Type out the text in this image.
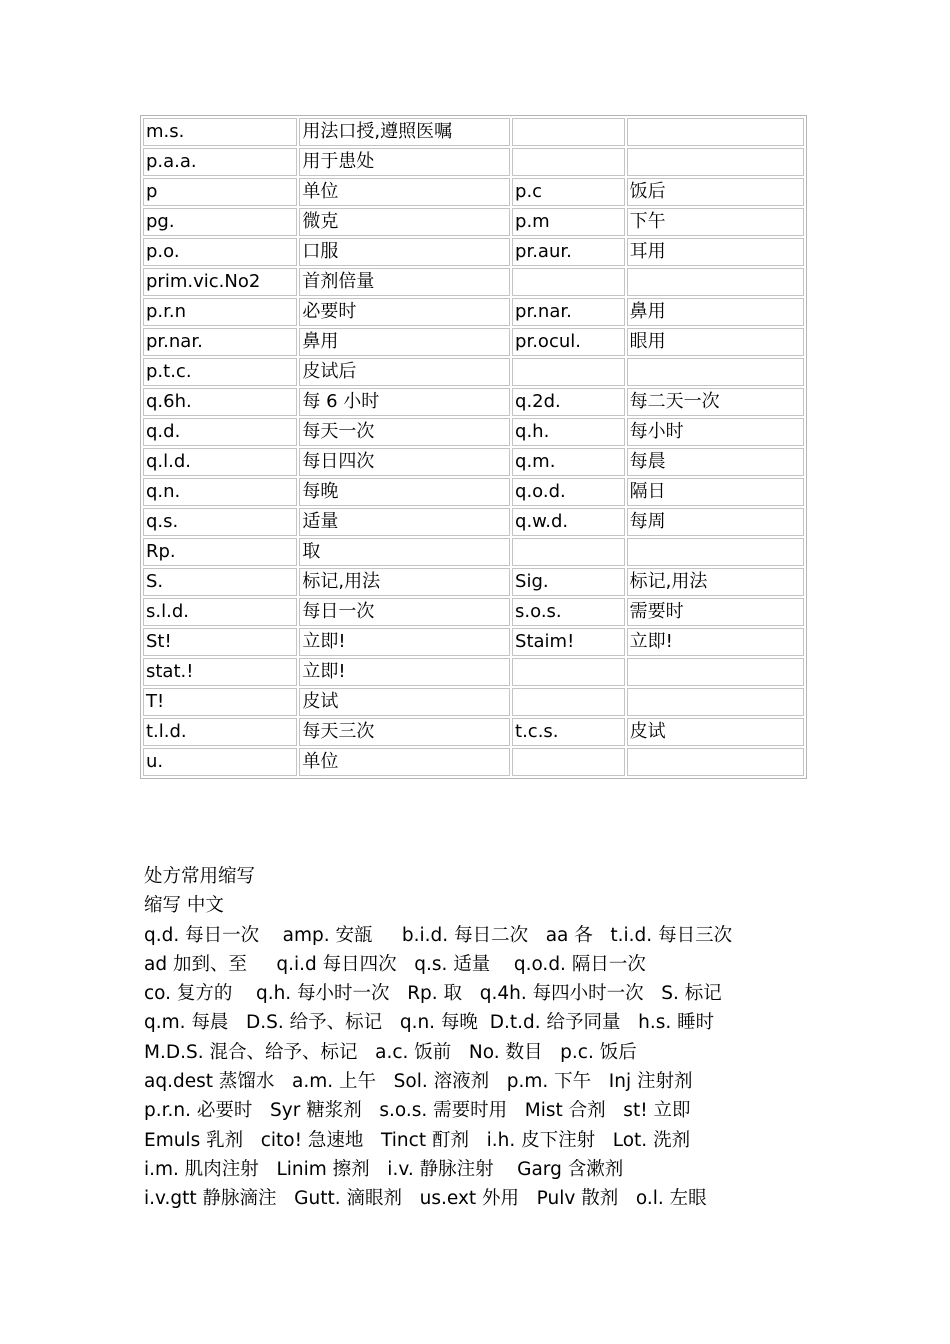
m.s.	用法口授,遵照医嘱		
p.a.a.	用于患处		
p	单位	p.c	饭后
pg.	微克	p.m	下午
p.o.	口服	pr.aur.	耳用
prim.vic.No2	首剂倍量		
p.r.n	必要时	pr.nar.	鼻用
pr.nar.	鼻用	pr.ocul.	眼用
p.t.c.	皮试后		
q.6h.	每 6 小时	q.2d.	每二天一次
q.d.	每天一次	q.h.	每小时
q.l.d.	每日四次	q.m.	每晨
q.n.	每晚	q.o.d.	隔日
q.s.	适量	q.w.d.	每周
Rp.	取		
S.	标记,用法	Sig.	标记,用法
s.l.d.	每日一次	s.o.s.	需要时
St!	立即!	Staim!	立即!
stat.!	立即!		
T!	皮试		
t.l.d.	每天三次	t.c.s.	皮试
u.	单位		
处方常用缩写
缩写 中文
q.d. 每日一次    amp. 安瓿     b.i.d. 每日二次   aa 各   t.i.d. 每日三次
ad 加到、至     q.i.d 每日四次   q.s. 适量    q.o.d. 隔日一次
co. 复方的    q.h. 每小时一次   Rp. 取   q.4h. 每四小时一次   S. 标记
q.m. 每晨   D.S. 给予、标记   q.n. 每晚  D.t.d. 给予同量   h.s. 睡时
M.D.S. 混合、给予、标记   a.c. 饭前   No. 数目   p.c. 饭后
aq.dest 蒸馏水   a.m. 上午   Sol. 溶液剂   p.m. 下午   Inj 注射剂
p.r.n. 必要时   Syr 糖浆剂   s.o.s. 需要时用   Mist 合剂   st! 立即
Emuls 乳剂   cito! 急速地   Tinct 酊剂   i.h. 皮下注射   Lot. 洗剂
i.m. 肌肉注射   Linim 擦剂   i.v. 静脉注射    Garg 含漱剂
i.v.gtt 静脉滴注   Gutt. 滴眼剂   us.ext 外用   Pulv 散剂   o.l. 左眼
